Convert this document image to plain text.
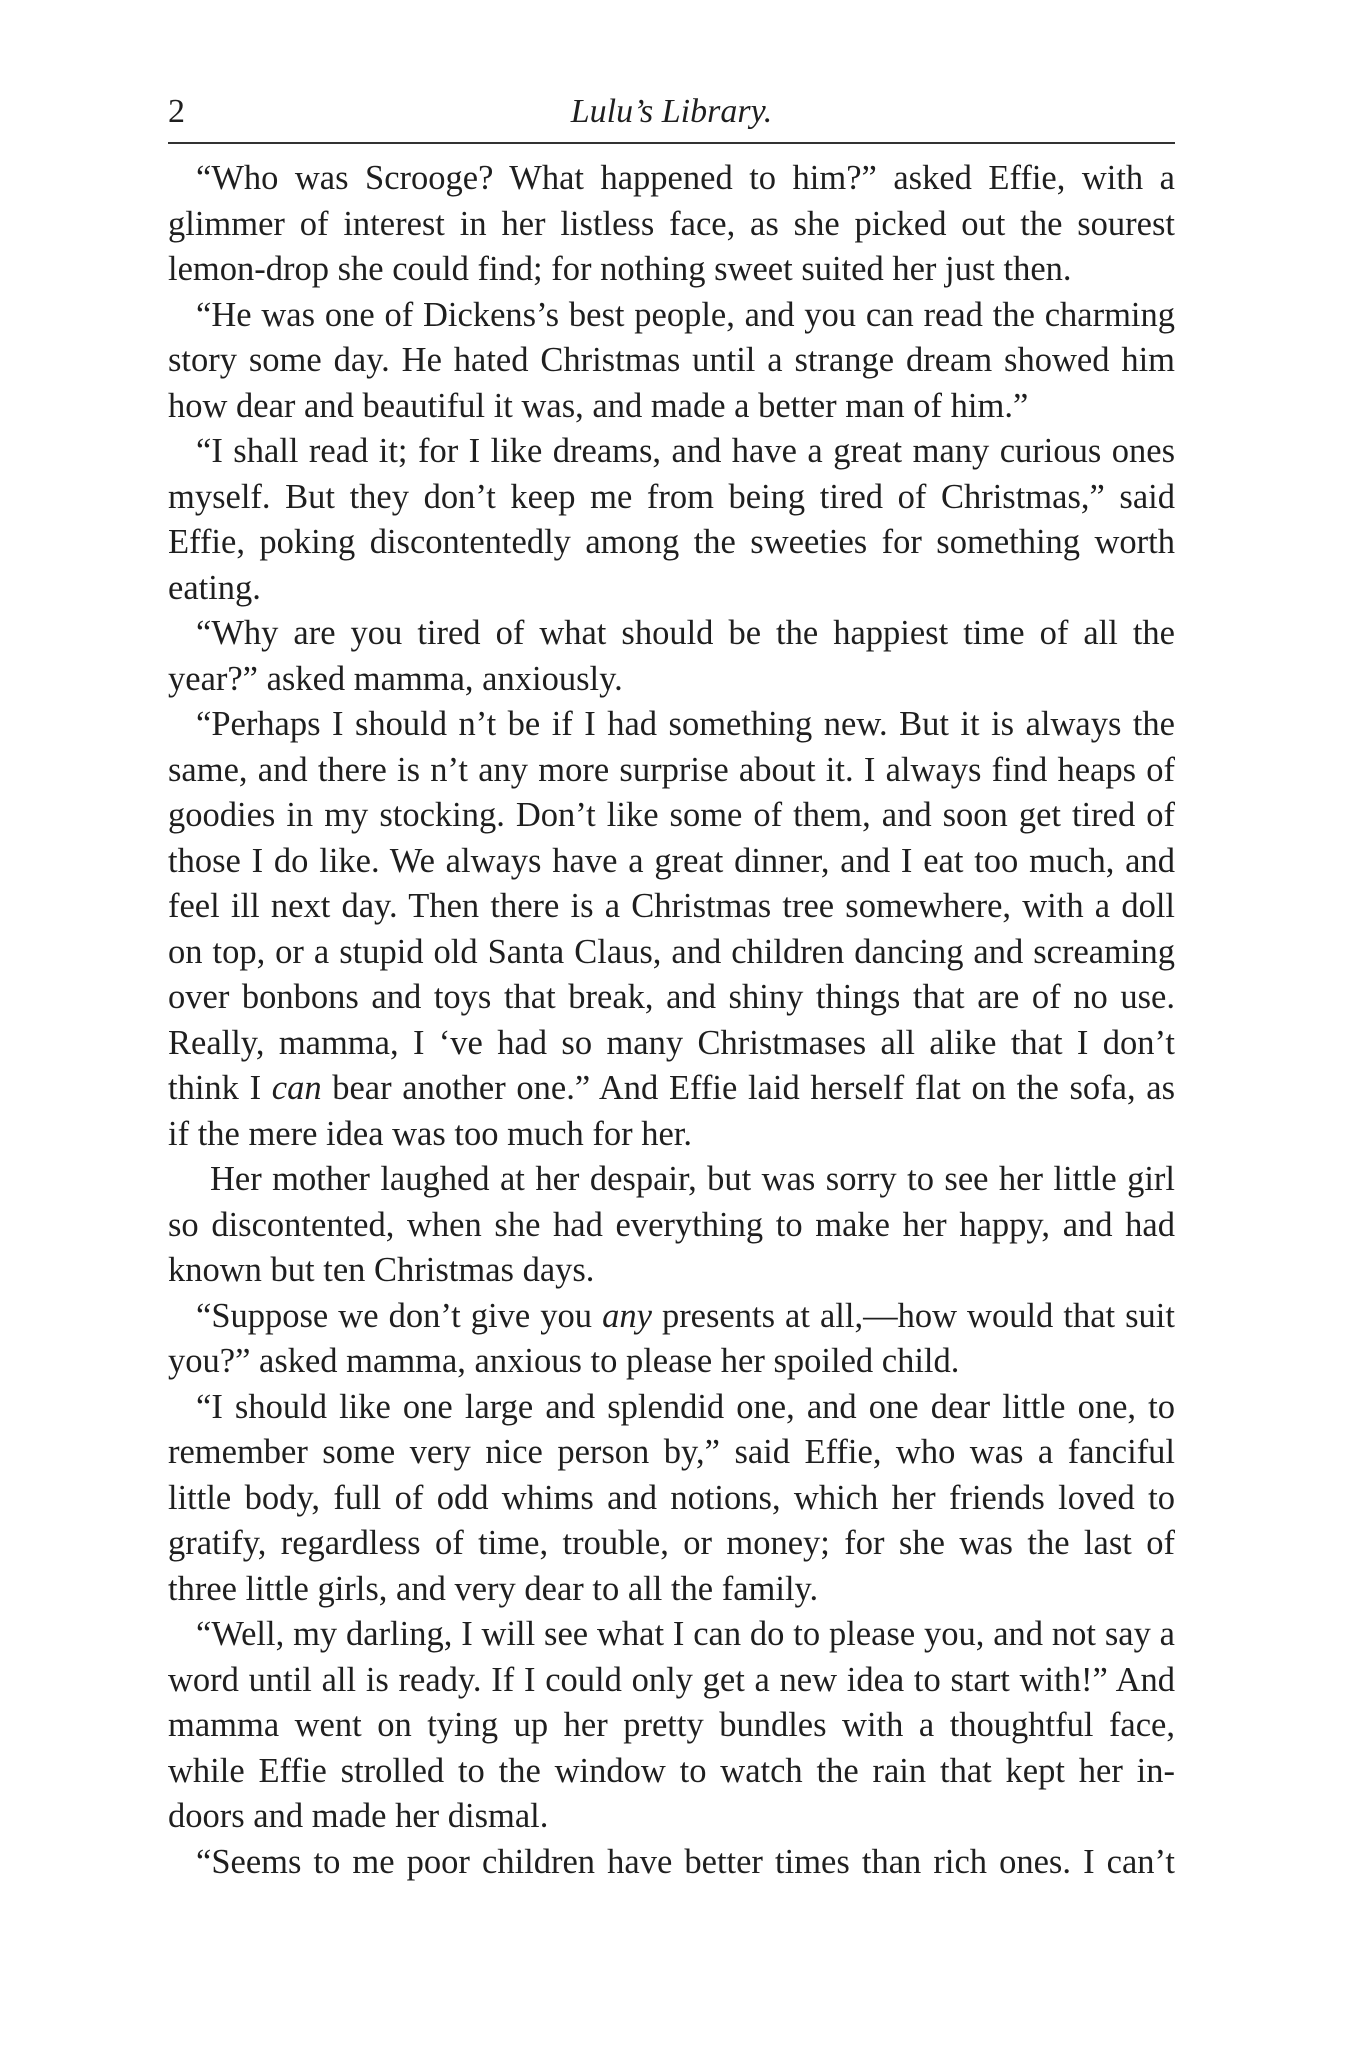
2	Lulu’s Library.

“Who was Scrooge? What happened to him?” asked Effie, with a glimmer of interest in her listless face, as she picked out the sourest lemon-drop she could find; for nothing sweet suited her just then.

“He was one of Dickens’s best people, and you can read the charming story some day. He hated Christmas until a strange dream showed him how dear and beautiful it was, and made a better man of him.”

“I shall read it; for I like dreams, and have a great many curious ones myself. But they don’t keep me from being tired of Christmas,” said Effie, poking discontentedly among the sweeties for something worth eating.

“Why are you tired of what should be the happiest time of all the year?” asked mamma, anxiously.

“Perhaps I should n’t be if I had something new. But it is always the same, and there is n’t any more surprise about it. I always find heaps of goodies in my stocking. Don’t like some of them, and soon get tired of those I do like. We always have a great dinner, and I eat too much, and feel ill next day. Then there is a Christmas tree somewhere, with a doll on top, or a stupid old Santa Claus, and children dancing and screaming over bonbons and toys that break, and shiny things that are of no use. Really, mamma, I ‘ve had so many Christmases all alike that I don’t think I can bear another one.” And Effie laid herself flat on the sofa, as if the mere idea was too much for her.

Her mother laughed at her despair, but was sorry to see her little girl so discontented, when she had everything to make her happy, and had known but ten Christmas days.

“Suppose we don’t give you any presents at all,—how would that suit you?” asked mamma, anxious to please her spoiled child.

“I should like one large and splendid one, and one dear little one, to remember some very nice person by,” said Effie, who was a fanciful little body, full of odd whims and notions, which her friends loved to gratify, regardless of time, trouble, or money; for she was the last of three little girls, and very dear to all the family.

“Well, my darling, I will see what I can do to please you, and not say a word until all is ready. If I could only get a new idea to start with!” And mamma went on tying up her pretty bundles with a thoughtful face, while Effie strolled to the window to watch the rain that kept her in-doors and made her dismal.

“Seems to me poor children have better times than rich ones. I can’t
